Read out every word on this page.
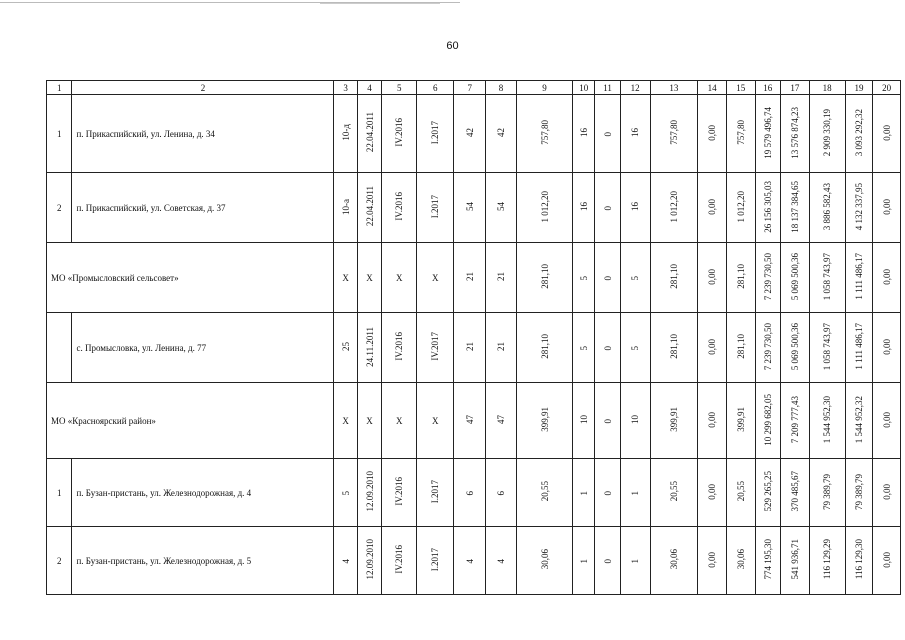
60
1	2	3	4	5	6	7	8	9	10	11	12	13	14	15	16	17	18	19	20
1	п. Прикаспийский, ул. Ленина, д. 34	10-д	22.04.2011	IV.2016	I.2017	42	42	757,80	16	0	16	757,80	0,00	757,80	19 579 496,74	13 576 874,23	2 909 330,19	3 093 292,32	0,00
2	п. Прикаспийский, ул. Советская, д. 37	10-а	22.04.2011	IV.2016	I.2017	54	54	1 012,20	16	0	16	1 012,20	0,00	1 012,20	26 156 305,03	18 137 384,65	3 886 582,43	4 132 337,95	0,00
МО «Промысловский сельсовет»		Х	Х	Х	Х	21	21	281,10	5	0	5	281,10	0,00	281,10	7 239 730,50	5 069 500,36	1 058 743,97	1 111 486,17	0,00
	с. Промысловка, ул. Ленина, д. 77	25	24.11.2011	IV.2016	IV.2017	21	21	281,10	5	0	5	281,10	0,00	281,10	7 239 730,50	5 069 500,36	1 058 743,97	1 111 486,17	0,00
МО «Красноярский район»		Х	Х	Х	Х	47	47	399,91	10	0	10	399,91	0,00	399,91	10 299 682,05	7 209 777,43	1 544 952,30	1 544 952,32	0,00
1	п. Бузан-пристань, ул. Железнодорожная, д. 4	5	12.09.2010	IV.2016	I.2017	6	6	20,55	1	0	1	20,55	0,00	20,55	529 265,25	370 485,67	79 389,79	79 389,79	0,00
2	п. Бузан-пристань, ул. Железнодорожная, д. 5	4	12.09.2010	IV.2016	I.2017	4	4	30,06	1	0	1	30,06	0,00	30,06	774 195,30	541 936,71	116 129,29	116 129,30	0,00
